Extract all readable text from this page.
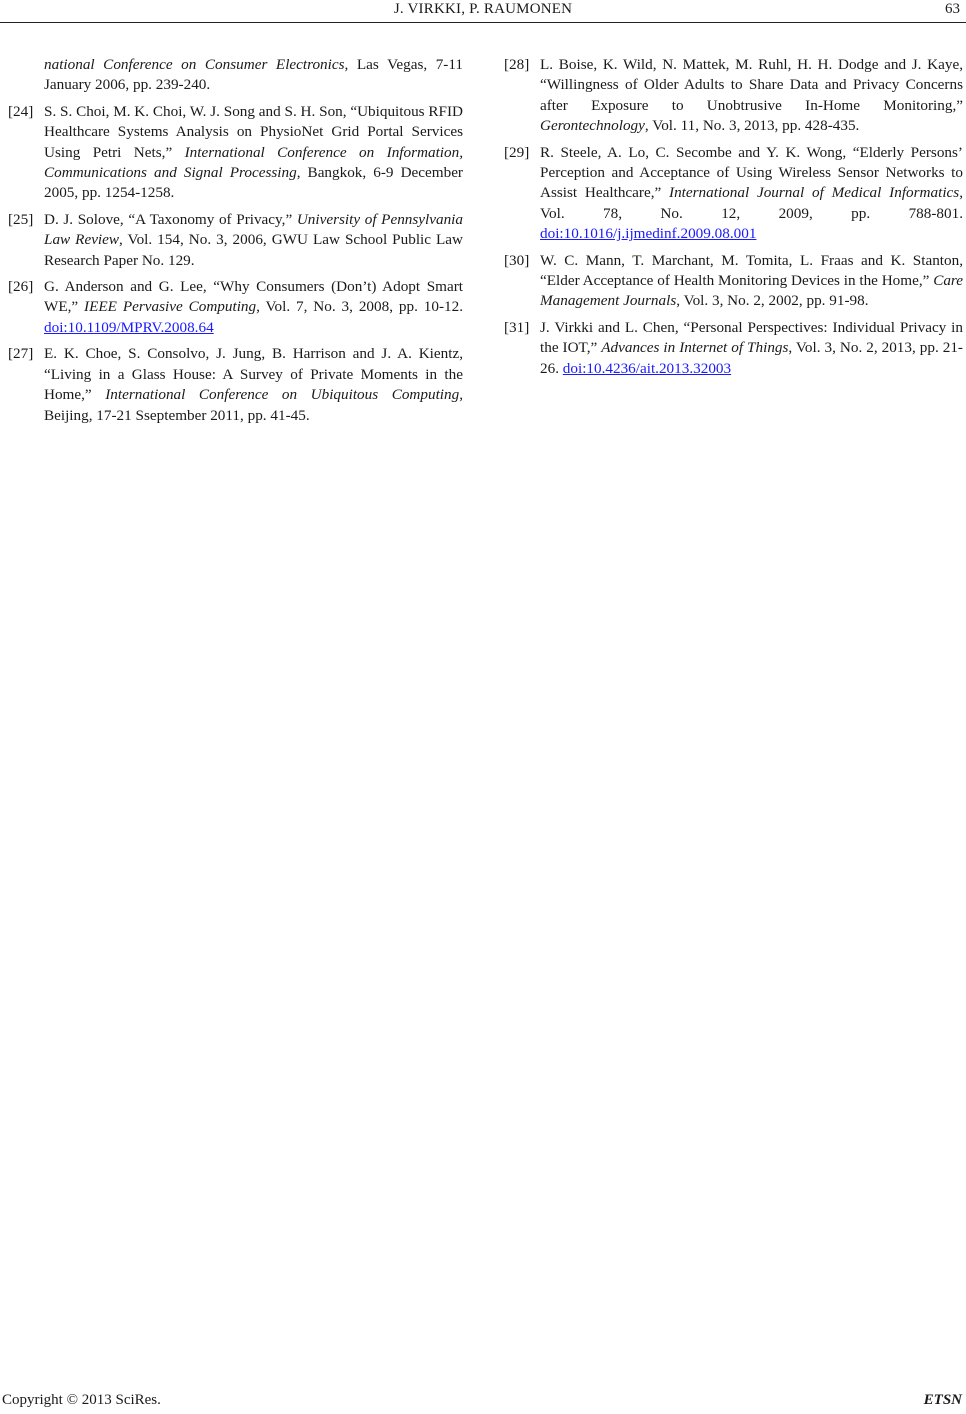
J. VIRKKI, P. RAUMONEN	63
national Conference on Consumer Electronics, Las Vegas, 7-11 January 2006, pp. 239-240.
[24] S. S. Choi, M. K. Choi, W. J. Song and S. H. Son, “Ubiquitous RFID Healthcare Systems Analysis on PhysioNet Grid Portal Services Using Petri Nets,” International Conference on Information, Communications and Signal Processing, Bangkok, 6-9 December 2005, pp. 1254-1258.
[25] D. J. Solove, “A Taxonomy of Privacy,” University of Pennsylvania Law Review, Vol. 154, No. 3, 2006, GWU Law School Public Law Research Paper No. 129.
[26] G. Anderson and G. Lee, “Why Consumers (Don’t) Adopt Smart WE,” IEEE Pervasive Computing, Vol. 7, No. 3, 2008, pp. 10-12. doi:10.1109/MPRV.2008.64
[27] E. K. Choe, S. Consolvo, J. Jung, B. Harrison and J. A. Kientz, “Living in a Glass House: A Survey of Private Moments in the Home,” International Conference on Ubiquitous Computing, Beijing, 17-21 Sseptember 2011, pp. 41-45.
[28] L. Boise, K. Wild, N. Mattek, M. Ruhl, H. H. Dodge and J. Kaye, “Willingness of Older Adults to Share Data and Privacy Concerns after Exposure to Unobtrusive In-Home Monitoring,” Gerontechnology, Vol. 11, No. 3, 2013, pp. 428-435.
[29] R. Steele, A. Lo, C. Secombe and Y. K. Wong, “Elderly Persons’ Perception and Acceptance of Using Wireless Sensor Networks to Assist Healthcare,” International Journal of Medical Informatics, Vol. 78, No. 12, 2009, pp. 788-801. doi:10.1016/j.ijmedinf.2009.08.001
[30] W. C. Mann, T. Marchant, M. Tomita, L. Fraas and K. Stanton, “Elder Acceptance of Health Monitoring Devices in the Home,” Care Management Journals, Vol. 3, No. 2, 2002, pp. 91-98.
[31] J. Virkki and L. Chen, “Personal Perspectives: Individual Privacy in the IOT,” Advances in Internet of Things, Vol. 3, No. 2, 2013, pp. 21-26. doi:10.4236/ait.2013.32003
Copyright © 2013 SciRes.	ETSN
